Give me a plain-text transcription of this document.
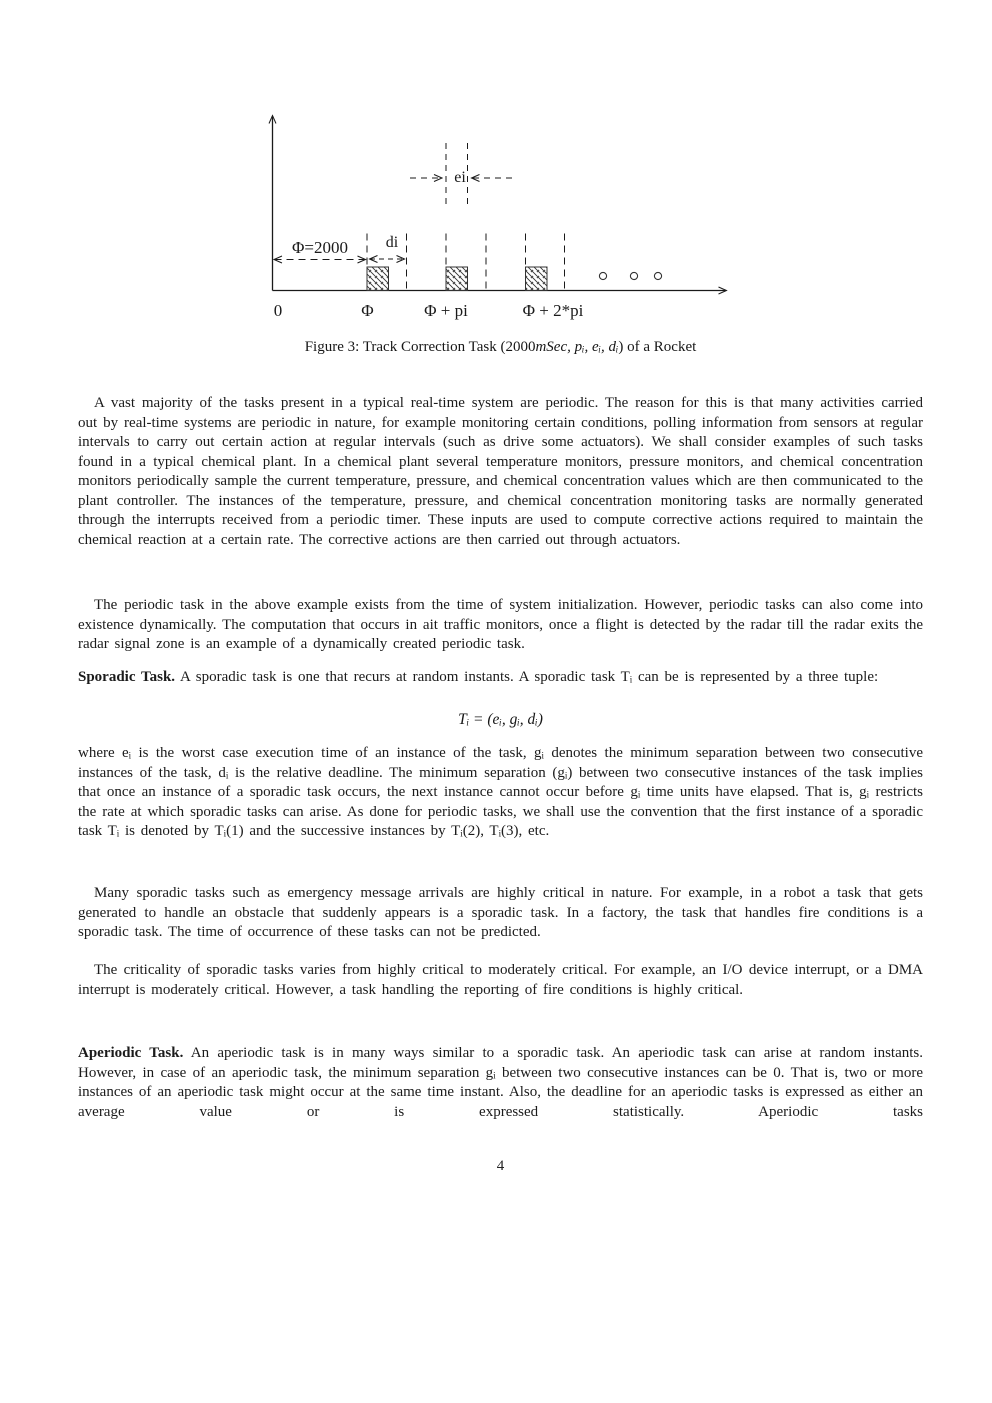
ei
Φ=2000 di
0	Φ	Φ + pi	Φ + 2*pi
Figure 3: Track Correction Task (2000mSec, pᵢ, eᵢ, dᵢ) of a Rocket

A vast majority of the tasks present in a typical real-time system are periodic. The reason for this is that many activities carried out by real-time systems are periodic in nature, for example monitoring certain conditions, polling information from sensors at regular intervals to carry out certain action at regular intervals (such as drive some actuators). We shall consider examples of such tasks found in a typical chemical plant. In a chemical plant several temperature monitors, pressure monitors, and chemical concentration monitors periodically sample the current temperature, pressure, and chemical concentration values which are then communicated to the plant controller. The instances of the temperature, pressure, and chemical concentration monitoring tasks are normally generated through the interrupts received from a periodic timer. These inputs are used to compute corrective actions required to maintain the chemical reaction at a certain rate. The corrective actions are then carried out through actuators.

The periodic task in the above example exists from the time of system initialization. However, periodic tasks can also come into existence dynamically. The computation that occurs in ait traffic monitors, once a flight is detected by the radar till the radar exits the radar signal zone is an example of a dynamically created periodic task.

Sporadic Task. A sporadic task is one that recurs at random instants. A sporadic task Tᵢ can be is represented by a three tuple:

Tᵢ = (eᵢ, gᵢ, dᵢ)

where eᵢ is the worst case execution time of an instance of the task, gᵢ denotes the minimum separation between two consecutive instances of the task, dᵢ is the relative deadline. The minimum separation (gᵢ) between two consecutive instances of the task implies that once an instance of a sporadic task occurs, the next instance cannot occur before gᵢ time units have elapsed. That is, gᵢ restricts the rate at which sporadic tasks can arise. As done for periodic tasks, we shall use the convention that the first instance of a sporadic task Tᵢ is denoted by Tᵢ(1) and the successive instances by Tᵢ(2), Tᵢ(3), etc.

Many sporadic tasks such as emergency message arrivals are highly critical in nature. For example, in a robot a task that gets generated to handle an obstacle that suddenly appears is a sporadic task. In a factory, the task that handles fire conditions is a sporadic task. The time of occurrence of these tasks can not be predicted.

The criticality of sporadic tasks varies from highly critical to moderately critical. For example, an I/O device interrupt, or a DMA interrupt is moderately critical. However, a task handling the reporting of fire conditions is highly critical.

Aperiodic Task. An aperiodic task is in many ways similar to a sporadic task. An aperiodic task can arise at random instants. However, in case of an aperiodic task, the minimum separation gᵢ between two consecutive instances can be 0. That is, two or more instances of an aperiodic task might occur at the same time instant. Also, the deadline for an aperiodic tasks is expressed as either an average value or is expressed statistically. Aperiodic tasks

4
